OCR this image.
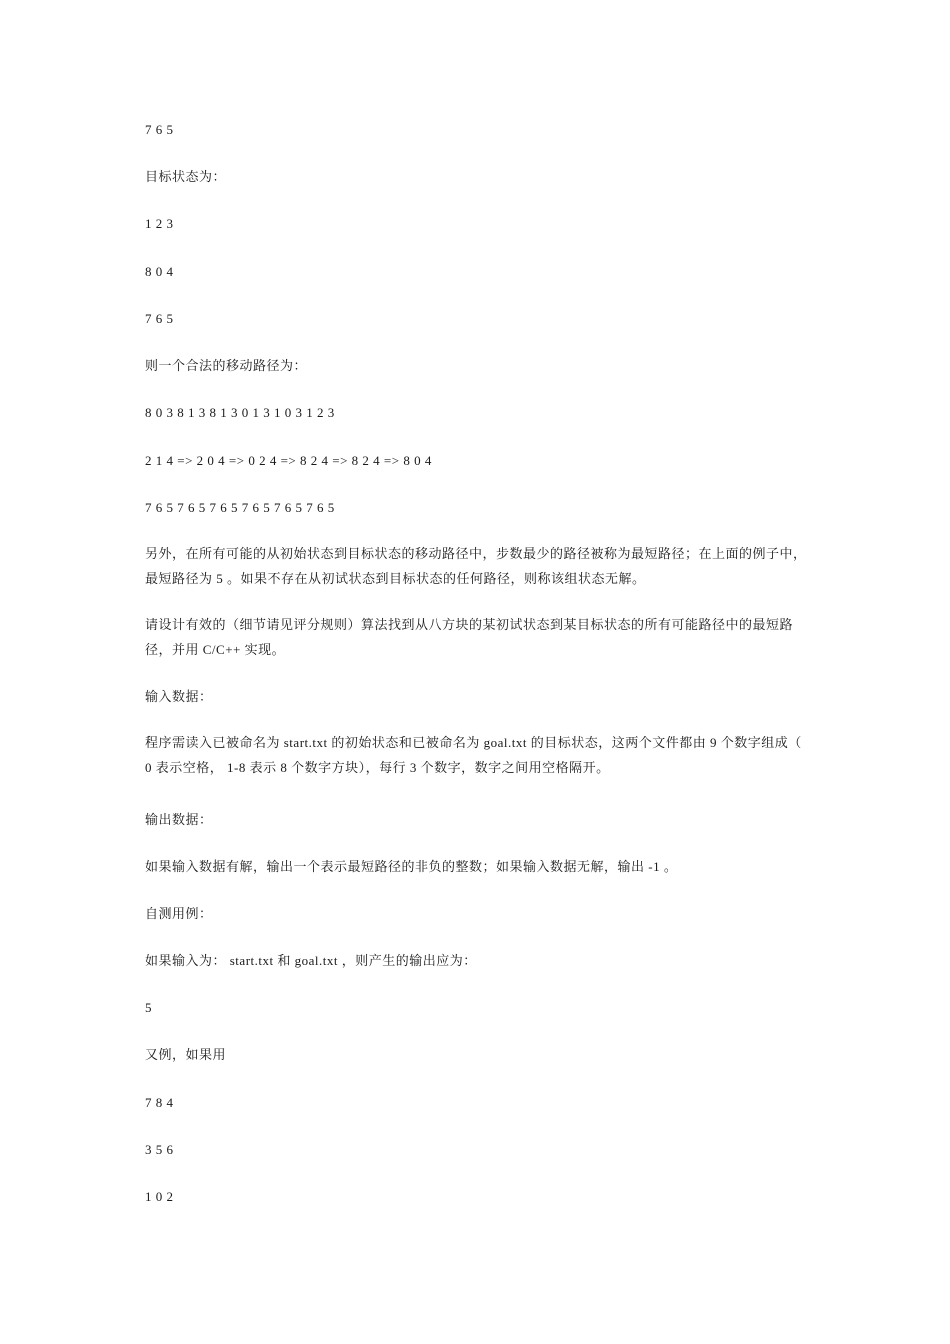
7 6 5
目标状态为：
1 2 3
8 0 4
7 6 5
则一个合法的移动路径为：
8 0 3 8 1 3 8 1 3 0 1 3 1 0 3 1 2 3
2 1 4 => 2 0 4 => 0 2 4 => 8 2 4 => 8 2 4 => 8 0 4
7 6 5 7 6 5 7 6 5 7 6 5 7 6 5 7 6 5
另外，在所有可能的从初始状态到目标状态的移动路径中，步数最少的路径被称为最短路径；在上面的例子中，最短路径为 5 。如果不存在从初试状态到目标状态的任何路径，则称该组状态无解。
请设计有效的（细节请见评分规则）算法找到从八方块的某初试状态到某目标状态的所有可能路径中的最短路径，并用 C/C++ 实现。
输入数据：
程序需读入已被命名为 start.txt 的初始状态和已被命名为 goal.txt 的目标状态，这两个文件都由 9 个数字组成（ 0 表示空格， 1-8 表示 8 个数字方块），每行 3 个数字，数字之间用空格隔开。
输出数据：
如果输入数据有解，输出一个表示最短路径的非负的整数；如果输入数据无解，输出 -1 。
自测用例：
如果输入为： start.txt 和 goal.txt ，则产生的输出应为：
5
又例，如果用
7 8 4
3 5 6
1 0 2
